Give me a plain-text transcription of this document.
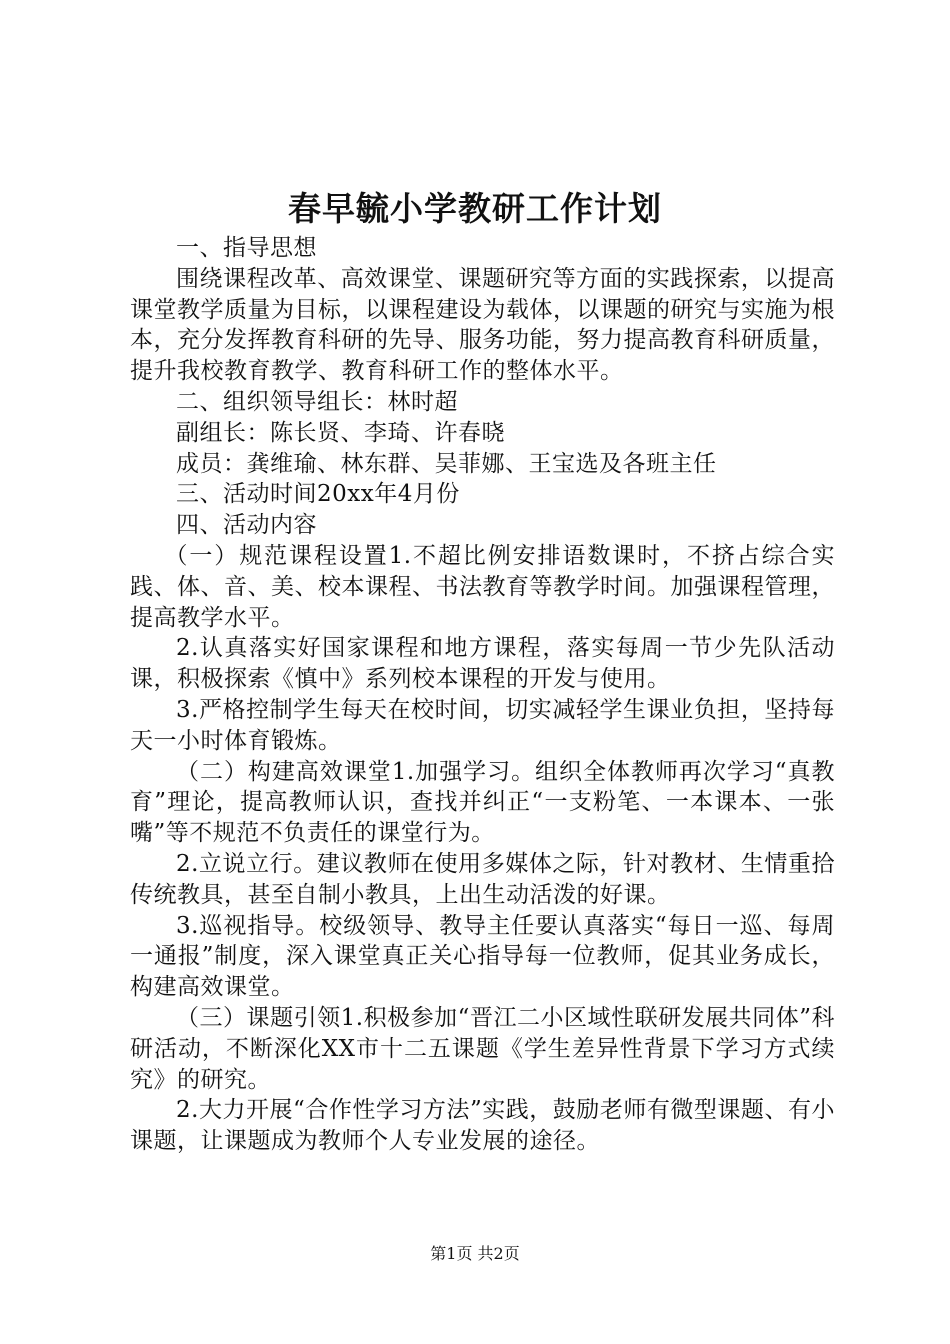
春早毓小学教研工作计划

一、指导思想

围绕课程改革、高效课堂、课题研究等方面的实践探索，以提高课堂教学质量为目标，以课程建设为载体，以课题的研究与实施为根本，充分发挥教育科研的先导、服务功能，努力提高教育科研质量，提升我校教育教学、教育科研工作的整体水平。

二、组织领导组长：林时超

副组长：陈长贤、李琦、许春晓

成员：龚维瑜、林东群、吴菲娜、王宝选及各班主任

三、活动时间20xx年4月份

四、活动内容

（一）规范课程设置1.不超比例安排语数课时，不挤占综合实践、体、音、美、校本课程、书法教育等教学时间。加强课程管理，提高教学水平。

2.认真落实好国家课程和地方课程，落实每周一节少先队活动课，积极探索《慎中》系列校本课程的开发与使用。

3.严格控制学生每天在校时间，切实减轻学生课业负担，坚持每天一小时体育锻炼。

（二）构建高效课堂1.加强学习。组织全体教师再次学习“真教育”理论，提高教师认识，查找并纠正“一支粉笔、一本课本、一张嘴”等不规范不负责任的课堂行为。

2.立说立行。建议教师在使用多媒体之际，针对教材、生情重拾传统教具，甚至自制小教具，上出生动活泼的好课。

3.巡视指导。校级领导、教导主任要认真落实“每日一巡、每周一通报”制度，深入课堂真正关心指导每一位教师，促其业务成长，构建高效课堂。

（三）课题引领1.积极参加“晋江二小区域性联研发展共同体”科研活动，不断深化XX市十二五课题《学生差异性背景下学习方式续究》的研究。

2.大力开展“合作性学习方法”实践，鼓励老师有微型课题、有小课题，让课题成为教师个人专业发展的途径。

第1页 共2页
